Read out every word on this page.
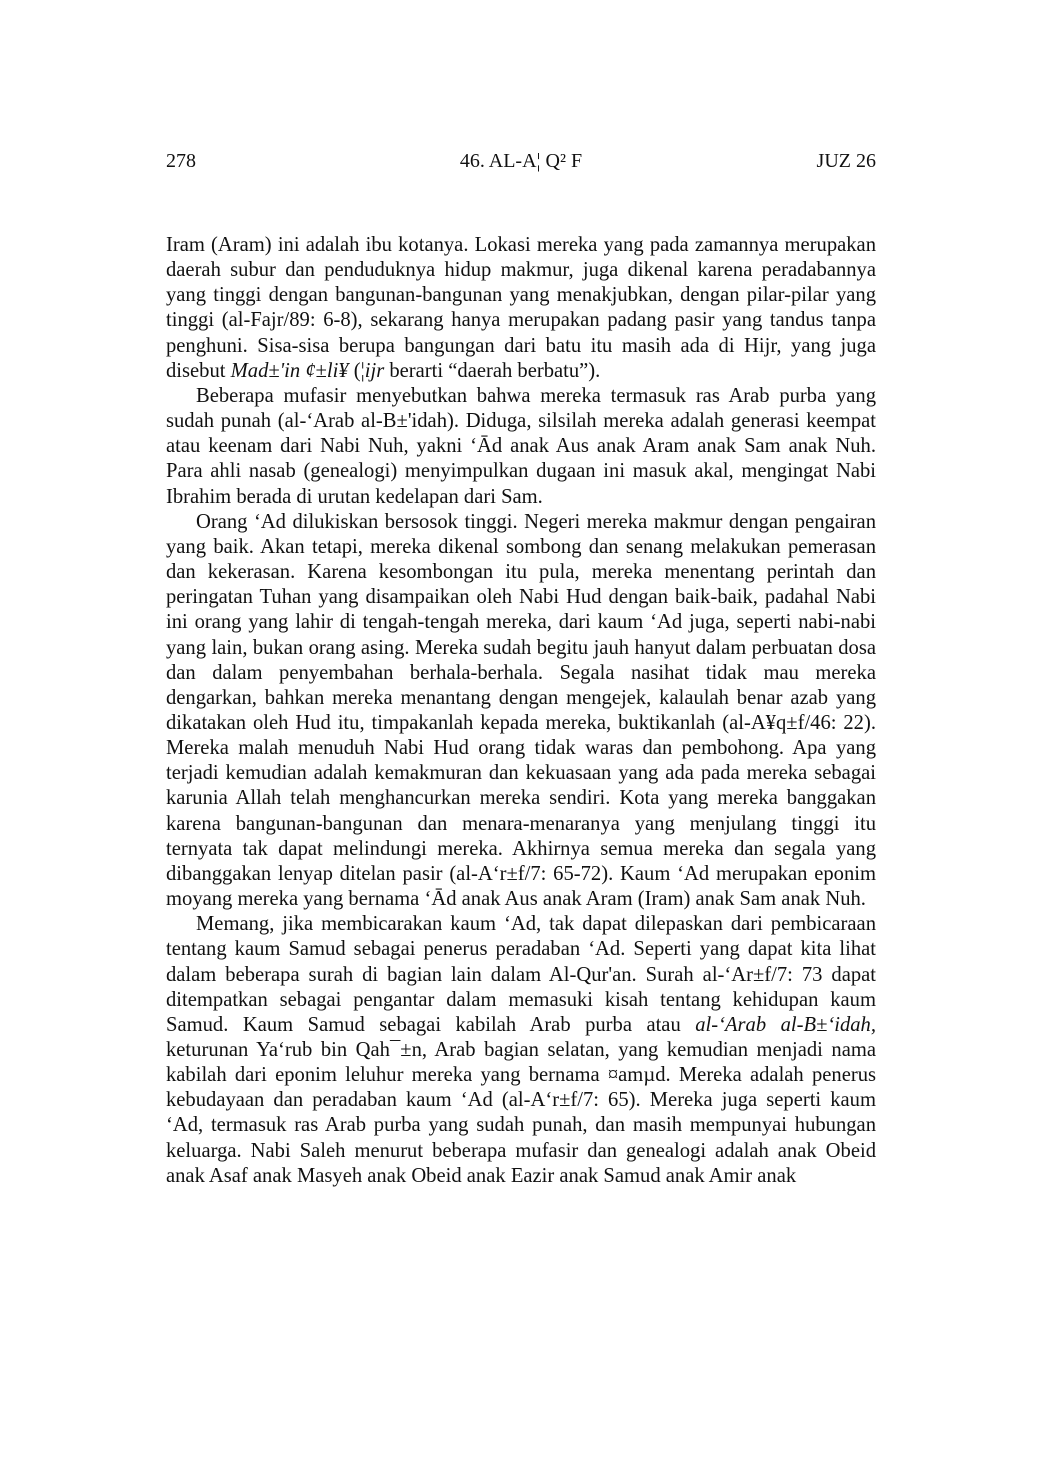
278	46. AL-A¦ Q² F	JUZ 26

Iram (Aram) ini adalah ibu kotanya. Lokasi mereka yang pada zamannya merupakan daerah subur dan penduduknya hidup makmur, juga dikenal karena peradabannya yang tinggi dengan bangunan-bangunan yang menakjubkan, dengan pilar-pilar yang tinggi (al-Fajr/89: 6-8), sekarang hanya merupakan padang pasir yang tandus tanpa penghuni. Sisa-sisa berupa bangungan dari batu itu masih ada di Hijr, yang juga disebut Mad±'in ¢±li¥ (¦ijr berarti “daerah berbatu”).

Beberapa mufasir menyebutkan bahwa mereka termasuk ras Arab purba yang sudah punah (al-‘Arab al-B±'idah). Diduga, silsilah mereka adalah generasi keempat atau keenam dari Nabi Nuh, yakni ‘Ād anak Aus anak Aram anak Sam anak Nuh. Para ahli nasab (genealogi) menyimpulkan dugaan ini masuk akal, mengingat Nabi Ibrahim berada di urutan kedelapan dari Sam.

Orang ‘Ad dilukiskan bersosok tinggi. Negeri mereka makmur dengan pengairan yang baik. Akan tetapi, mereka dikenal sombong dan senang melakukan pemerasan dan kekerasan. Karena kesombongan itu pula, mereka menentang perintah dan peringatan Tuhan yang disampaikan oleh Nabi Hud dengan baik-baik, padahal Nabi ini orang yang lahir di tengah-tengah mereka, dari kaum ‘Ad juga, seperti nabi-nabi yang lain, bukan orang asing. Mereka sudah begitu jauh hanyut dalam perbuatan dosa dan dalam penyembahan berhala-berhala. Segala nasihat tidak mau mereka dengarkan, bahkan mereka menantang dengan mengejek, kalaulah benar azab yang dikatakan oleh Hud itu, timpakanlah kepada mereka, buktikanlah (al-A¥q±f/46: 22). Mereka malah menuduh Nabi Hud orang tidak waras dan pembohong. Apa yang terjadi kemudian adalah kemakmuran dan kekuasaan yang ada pada mereka sebagai karunia Allah telah menghancurkan mereka sendiri. Kota yang mereka banggakan karena bangunan-bangunan dan menara-menaranya yang menjulang tinggi itu ternyata tak dapat melindungi mereka. Akhirnya semua mereka dan segala yang dibanggakan lenyap ditelan pasir (al-A‘r±f/7: 65-72). Kaum ‘Ad merupakan eponim moyang mereka yang bernama ‘Ād anak Aus anak Aram (Iram) anak Sam anak Nuh.

Memang, jika membicarakan kaum ‘Ad, tak dapat dilepaskan dari pembicaraan tentang kaum Samud sebagai penerus peradaban ‘Ad. Seperti yang dapat kita lihat dalam beberapa surah di bagian lain dalam Al-Qur'an. Surah al-‘Ar±f/7: 73 dapat ditempatkan sebagai pengantar dalam memasuki kisah tentang kehidupan kaum Samud. Kaum Samud sebagai kabilah Arab purba atau al-‘Arab al-B±‘idah, keturunan Ya‘rub bin Qah¯±n, Arab bagian selatan, yang kemudian menjadi nama kabilah dari eponim leluhur mereka yang bernama ¤amµd. Mereka adalah penerus kebudayaan dan peradaban kaum ‘Ad (al-A‘r±f/7: 65). Mereka juga seperti kaum ‘Ad, termasuk ras Arab purba yang sudah punah, dan masih mempunyai hubungan keluarga. Nabi Saleh menurut beberapa mufasir dan genealogi adalah anak Obeid anak Asaf anak Masyeh anak Obeid anak Eazir anak Samud anak Amir anak
